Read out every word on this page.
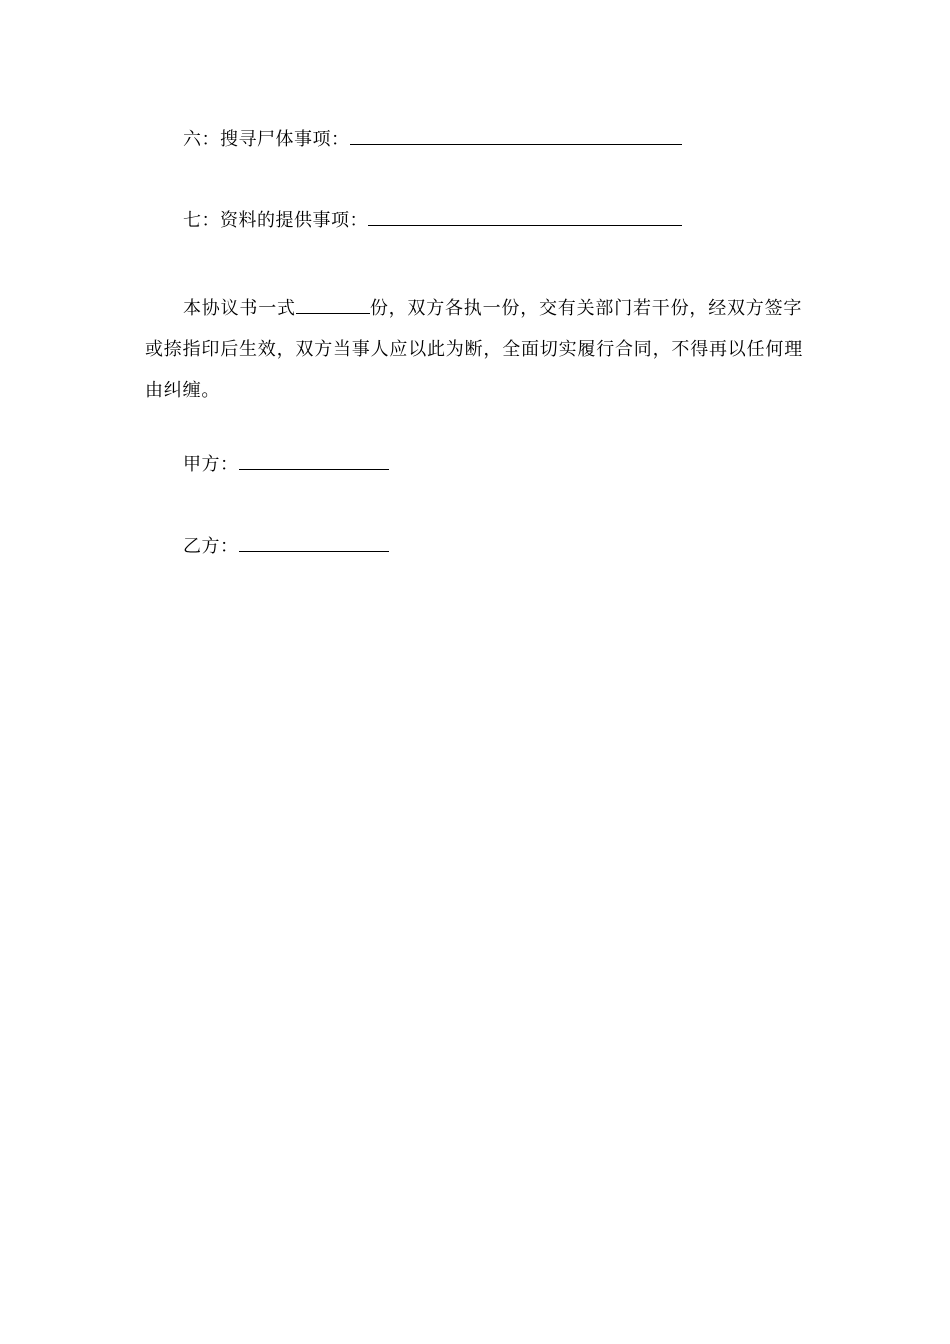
六：搜寻尸体事项：
七：资料的提供事项：
本协议书一式	份，双方各执一份，交有关部门若干份，经双方签字或捺指印后生效，双方当事人应以此为断，全面切实履行合同，不得再以任何理由纠缠。
甲方：
乙方：
